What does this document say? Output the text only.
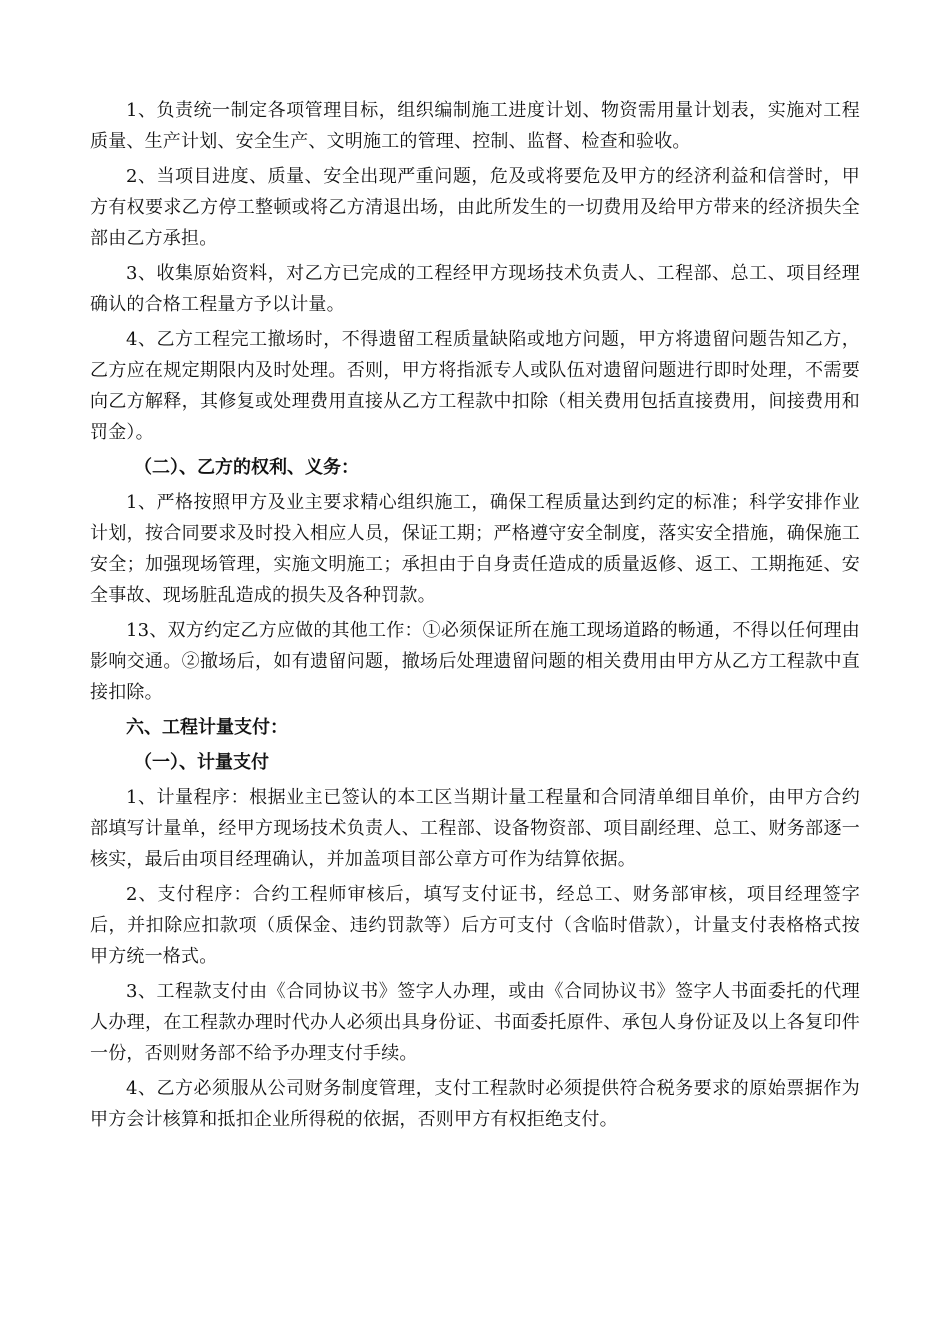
1、负责统一制定各项管理目标，组织编制施工进度计划、物资需用量计划表，实施对工程质量、生产计划、安全生产、文明施工的管理、控制、监督、检查和验收。

2、当项目进度、质量、安全出现严重问题，危及或将要危及甲方的经济利益和信誉时，甲方有权要求乙方停工整顿或将乙方清退出场，由此所发生的一切费用及给甲方带来的经济损失全部由乙方承担。

3、收集原始资料，对乙方已完成的工程经甲方现场技术负责人、工程部、总工、项目经理确认的合格工程量方予以计量。

4、乙方工程完工撤场时，不得遗留工程质量缺陷或地方问题，甲方将遗留问题告知乙方，乙方应在规定期限内及时处理。否则，甲方将指派专人或队伍对遗留问题进行即时处理，不需要向乙方解释，其修复或处理费用直接从乙方工程款中扣除（相关费用包括直接费用，间接费用和罚金）。

（二）、乙方的权利、义务：

1、严格按照甲方及业主要求精心组织施工，确保工程质量达到约定的标准；科学安排作业计划，按合同要求及时投入相应人员，保证工期；严格遵守安全制度，落实安全措施，确保施工安全；加强现场管理，实施文明施工；承担由于自身责任造成的质量返修、返工、工期拖延、安全事故、现场脏乱造成的损失及各种罚款。

13、双方约定乙方应做的其他工作：①必须保证所在施工现场道路的畅通，不得以任何理由影响交通。②撤场后，如有遗留问题，撤场后处理遗留问题的相关费用由甲方从乙方工程款中直接扣除。

六、工程计量支付：

（一）、计量支付

1、计量程序：根据业主已签认的本工区当期计量工程量和合同清单细目单价，由甲方合约部填写计量单，经甲方现场技术负责人、工程部、设备物资部、项目副经理、总工、财务部逐一核实，最后由项目经理确认，并加盖项目部公章方可作为结算依据。

2、支付程序：合约工程师审核后，填写支付证书，经总工、财务部审核，项目经理签字后，并扣除应扣款项（质保金、违约罚款等）后方可支付（含临时借款），计量支付表格格式按甲方统一格式。

3、工程款支付由《合同协议书》签字人办理，或由《合同协议书》签字人书面委托的代理人办理，在工程款办理时代办人必须出具身份证、书面委托原件、承包人身份证及以上各复印件一份，否则财务部不给予办理支付手续。

4、乙方必须服从公司财务制度管理，支付工程款时必须提供符合税务要求的原始票据作为甲方会计核算和抵扣企业所得税的依据，否则甲方有权拒绝支付。
